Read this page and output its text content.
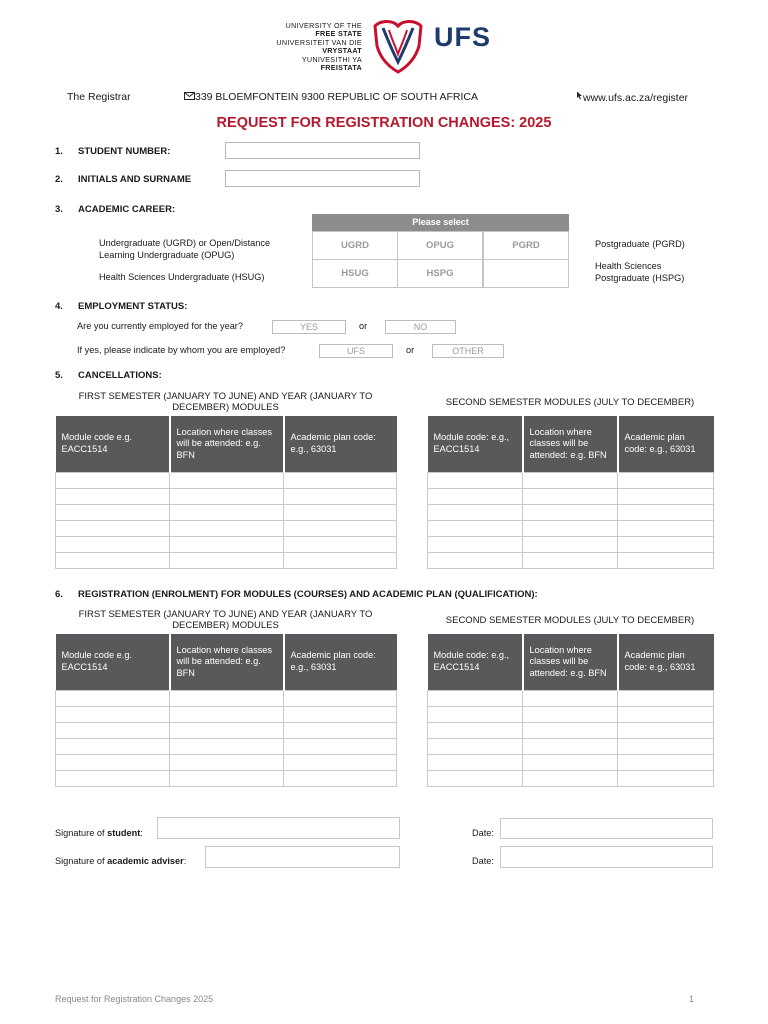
UNIVERSITY OF THE
FREE STATE
UNIVERSITEIT VAN DIE
VRYSTAAT
YUNIVESITHI YA
FREISTATA
UFS
The Registrar	339 BLOEMFONTEIN 9300 REPUBLIC OF SOUTH AFRICA	www.ufs.ac.za/register
REQUEST FOR REGISTRATION CHANGES: 2025
1. STUDENT NUMBER:
2. INITIALS AND SURNAME
3. ACADEMIC CAREER:
Undergraduate (UGRD) or Open/Distance Learning Undergraduate (OPUG)
Health Sciences Undergraduate (HSUG)
Please select
UGRD	OPUG	PGRD
HSUG	HSPG
Postgraduate (PGRD)
Health Sciences Postgraduate (HSPG)
4. EMPLOYMENT STATUS:
Are you currently employed for the year?	YES	or	NO
If yes, please indicate by whom you are employed?	UFS	or	OTHER
5. CANCELLATIONS:
FIRST SEMESTER (JANUARY TO JUNE) AND YEAR (JANUARY TO DECEMBER) MODULES	SECOND SEMESTER MODULES (JULY TO DECEMBER)
Module code e.g. EACC1514	Location where classes will be attended: e.g. BFN	Academic plan code: e.g., 63031

Module code: e.g., EACC1514	Location where classes will be attended: e.g. BFN	Academic plan code: e.g., 63031

6. REGISTRATION (ENROLMENT) FOR MODULES (COURSES) AND ACADEMIC PLAN (QUALIFICATION):
FIRST SEMESTER (JANUARY TO JUNE) AND YEAR (JANUARY TO DECEMBER) MODULES	SECOND SEMESTER MODULES (JULY TO DECEMBER)
Module code e.g. EACC1514	Location where classes will be attended: e.g. BFN	Academic plan code: e.g., 63031

Module code: e.g., EACC1514	Location where classes will be attended: e.g. BFN	Academic plan code: e.g., 63031

Signature of student:	Date:
Signature of academic adviser:	Date:
Request for Registration Changes 2025	1
